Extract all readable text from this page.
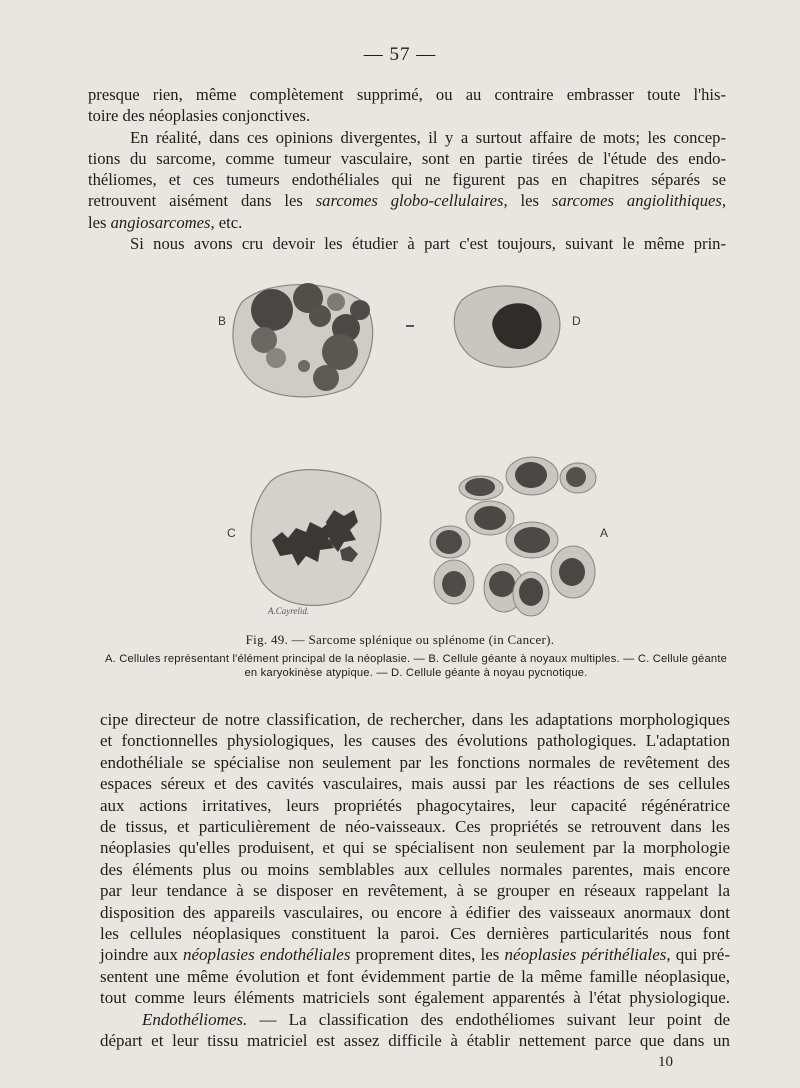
— 57 —

presque rien, même complètement supprimé, ou au contraire embrasser toute l'his-
toire des néoplasies conjonctives.
En réalité, dans ces opinions divergentes, il y a surtout affaire de mots; les concep-
tions du sarcome, comme tumeur vasculaire, sont en partie tirées de l'étude des endo-
théliomes, et ces tumeurs endothéliales qui ne figurent pas en chapitres séparés se
retrouvent aisément dans les sarcomes globo-cellulaires, les sarcomes angiolithiques,
les angiosarcomes, etc.
Si nous avons cru devoir les étudier à part c'est toujours, suivant le même prin-

B	D
C	A
A.Cayrelid.
Fig. 49. — Sarcome splénique ou splénome (in Cancer).
A. Cellules représentant l'élément principal de la néoplasie. — B. Cellule géante à noyaux multiples. — C. Cellule géante
en karyokinèse atypique. — D. Cellule géante à noyau pycnotique.

cipe directeur de notre classification, de rechercher, dans les adaptations morphologiques
et fonctionnelles physiologiques, les causes des évolutions pathologiques. L'adaptation
endothéliale se spécialise non seulement par les fonctions normales de revêtement des
espaces séreux et des cavités vasculaires, mais aussi par les réactions de ses cellules
aux actions irritatives, leurs propriétés phagocytaires, leur capacité régénératrice
de tissus, et particulièrement de néo-vaisseaux. Ces propriétés se retrouvent dans les
néoplasies qu'elles produisent, et qui se spécialisent non seulement par la morphologie
des éléments plus ou moins semblables aux cellules normales parentes, mais encore
par leur tendance à se disposer en revêtement, à se grouper en réseaux rappelant la
disposition des appareils vasculaires, ou encore à édifier des vaisseaux anormaux dont
les cellules néoplasiques constituent la paroi. Ces dernières particularités nous font
joindre aux néoplasies endothéliales proprement dites, les néoplasies périthéliales, qui pré-
sentent une même évolution et font évidemment partie de la même famille néoplasique,
tout comme leurs éléments matriciels sont également apparentés à l'état physiologique.
Endothéliomes. — La classification des endothéliomes suivant leur point de
départ et leur tissu matriciel est assez difficile à établir nettement parce que dans un

10
